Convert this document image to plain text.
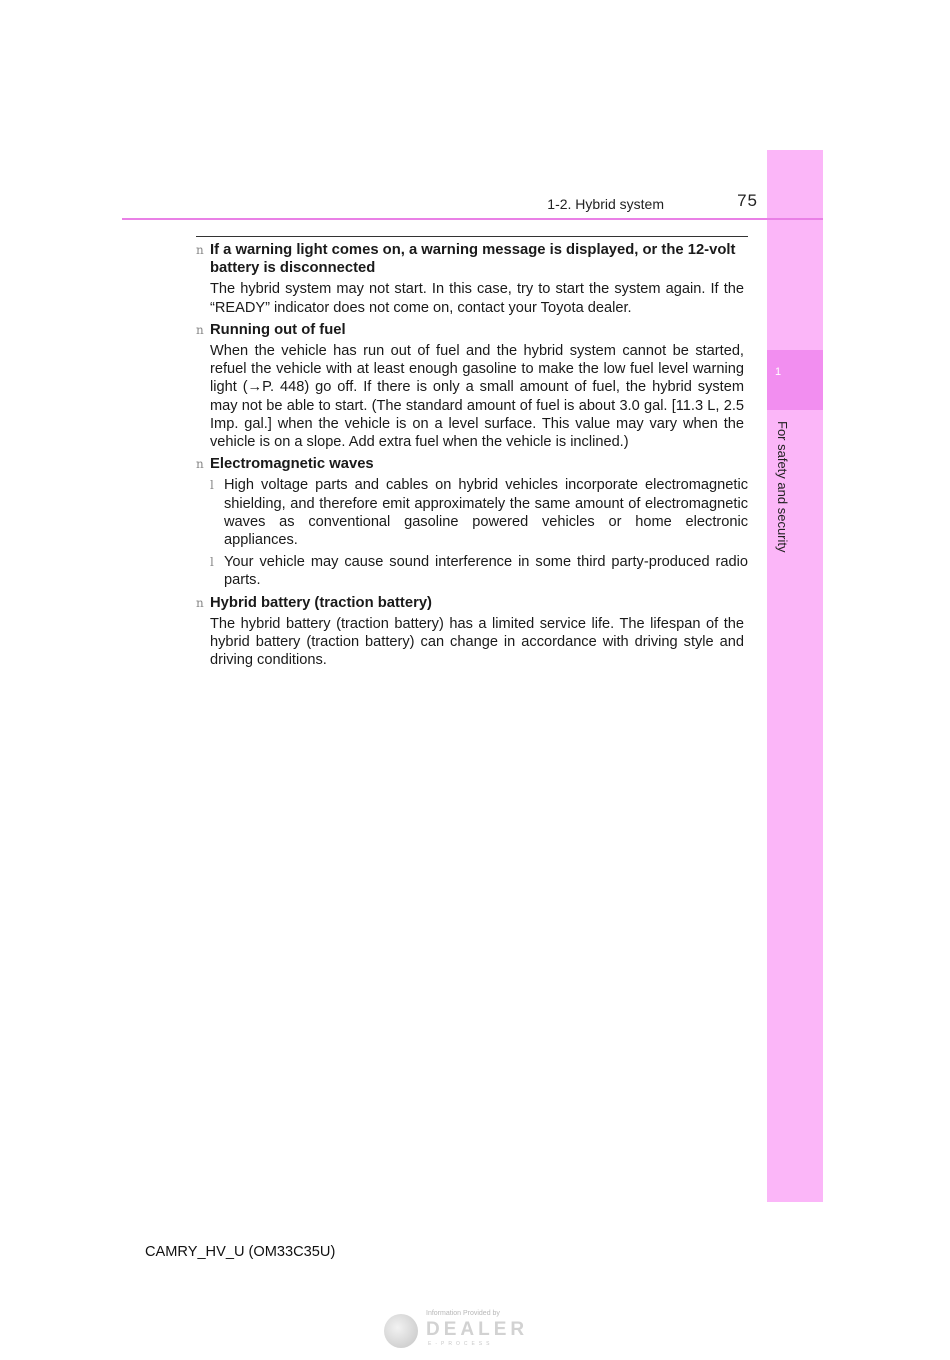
1
For safety and security
1-2. Hybrid system	75
n If a warning light comes on, a warning message is displayed, or the 12-volt battery is disconnected
The hybrid system may not start. In this case, try to start the system again. If the “READY” indicator does not come on, contact your Toyota dealer.
n Running out of fuel
When the vehicle has run out of fuel and the hybrid system cannot be started, refuel the vehicle with at least enough gasoline to make the low fuel level warning light (→P. 448) go off. If there is only a small amount of fuel, the hybrid system may not be able to start. (The standard amount of fuel is about 3.0 gal. [11.3 L, 2.5 Imp. gal.] when the vehicle is on a level surface. This value may vary when the vehicle is on a slope. Add extra fuel when the vehicle is inclined.)
n Electromagnetic waves
l High voltage parts and cables on hybrid vehicles incorporate electromagnetic shielding, and therefore emit approximately the same amount of electromagnetic waves as conventional gasoline powered vehicles or home electronic appliances.
l Your vehicle may cause sound interference in some third party-produced radio parts.
n Hybrid battery (traction battery)
The hybrid battery (traction battery) has a limited service life. The lifespan of the hybrid battery (traction battery) can change in accordance with driving style and driving conditions.
CAMRY_HV_U (OM33C35U)
Information Provided by
DEALER
E-PROCESS
